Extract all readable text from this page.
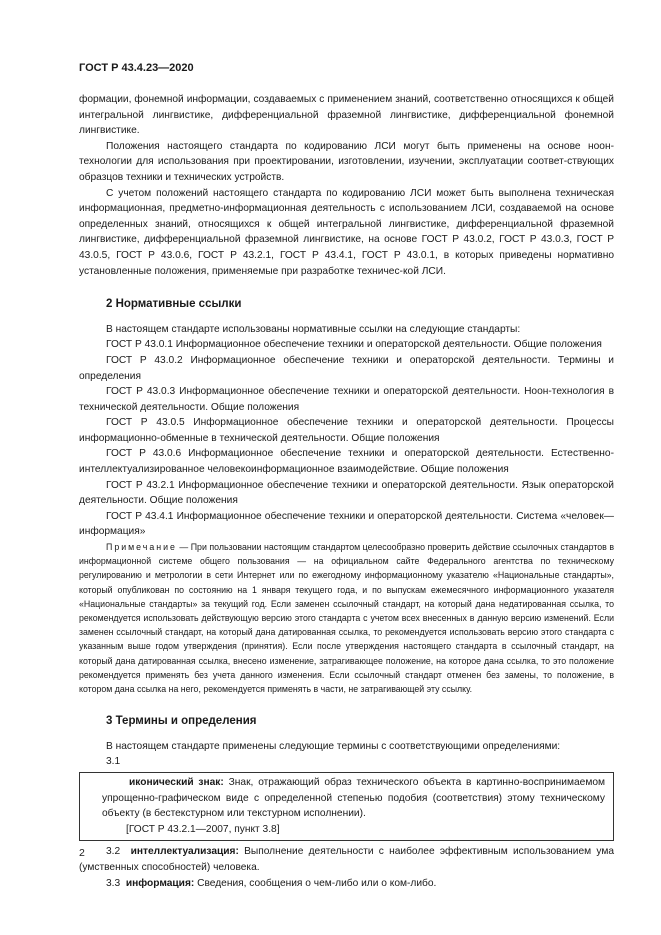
ГОСТ Р 43.4.23—2020

формации, фонемной информации, создаваемых с применением знаний, соответственно относящихся к общей интегральной лингвистике, дифференциальной фраземной лингвистике, дифференциальной фонемной лингвистике.

Положения настоящего стандарта по кодированию ЛСИ могут быть применены на основе ноон-технологии для использования при проектировании, изготовлении, изучении, эксплуатации соответ-ствующих образцов техники и технических устройств.

С учетом положений настоящего стандарта по кодированию ЛСИ может быть выполнена техническая информационная, предметно-информационная деятельность с использованием ЛСИ, создаваемой на основе определенных знаний, относящихся к общей интегральной лингвистике, дифференциальной фраземной лингвистике, дифференциальной фраземной лингвистике, на основе ГОСТ Р 43.0.2, ГОСТ Р 43.0.3, ГОСТ Р 43.0.5, ГОСТ Р 43.0.6, ГОСТ Р 43.2.1, ГОСТ Р 43.4.1, ГОСТ Р 43.0.1, в которых приведены нормативно установленные положения, применяемые при разработке техничес-кой ЛСИ.

2 Нормативные ссылки

В настоящем стандарте использованы нормативные ссылки на следующие стандарты:

ГОСТ Р 43.0.1 Информационное обеспечение техники и операторской деятельности. Общие положения

ГОСТ Р 43.0.2 Информационное обеспечение техники и операторской деятельности. Термины и определения

ГОСТ Р 43.0.3 Информационное обеспечение техники и операторской деятельности. Ноон-технология в технической деятельности. Общие положения

ГОСТ Р 43.0.5 Информационное обеспечение техники и операторской деятельности. Процессы информационно-обменные в технической деятельности. Общие положения

ГОСТ Р 43.0.6 Информационное обеспечение техники и операторской деятельности. Естественно-интеллектуализированное человекоинформационное взаимодействие. Общие положения

ГОСТ Р 43.2.1 Информационное обеспечение техники и операторской деятельности. Язык операторской деятельности. Общие положения

ГОСТ Р 43.4.1 Информационное обеспечение техники и операторской деятельности. Система «человек—информация»

Примечание — При пользовании настоящим стандартом целесообразно проверить действие ссылочных стандартов в информационной системе общего пользования — на официальном сайте Федерального агентства по техническому регулированию и метрологии в сети Интернет или по ежегодному информационному указателю «Национальные стандарты», который опубликован по состоянию на 1 января текущего года, и по выпускам ежемесячного информационного указателя «Национальные стандарты» за текущий год. Если заменен ссылочный стандарт, на который дана недатированная ссылка, то рекомендуется использовать действующую версию этого стандарта с учетом всех внесенных в данную версию изменений. Если заменен ссылочный стандарт, на который дана датированная ссылка, то рекомендуется использовать версию этого стандарта с указанным выше годом утверждения (принятия). Если после утверждения настоящего стандарта в ссылочный стандарт, на который дана датированная ссылка, внесено изменение, затрагивающее положение, на которое дана ссылка, то это положение рекомендуется применять без учета данного изменения. Если ссылочный стандарт отменен без замены, то положение, в котором дана ссылка на него, рекомендуется применять в части, не затрагивающей эту ссылку.

3 Термины и определения

В настоящем стандарте применены следующие термины с соответствующими определениями:

3.1

иконический знак: Знак, отражающий образ технического объекта в картинно-воспринимаемом упрощенно-графическом виде с определенной степенью подобия (соответствия) этому техническому объекту (в бестекстурном или текстурном исполнении).

[ГОСТ Р 43.2.1—2007, пункт 3.8]

3.2 интеллектуализация: Выполнение деятельности с наиболее эффективным использованием ума (умственных способностей) человека.

3.3 информация: Сведения, сообщения о чем-либо или о ком-либо.

2
